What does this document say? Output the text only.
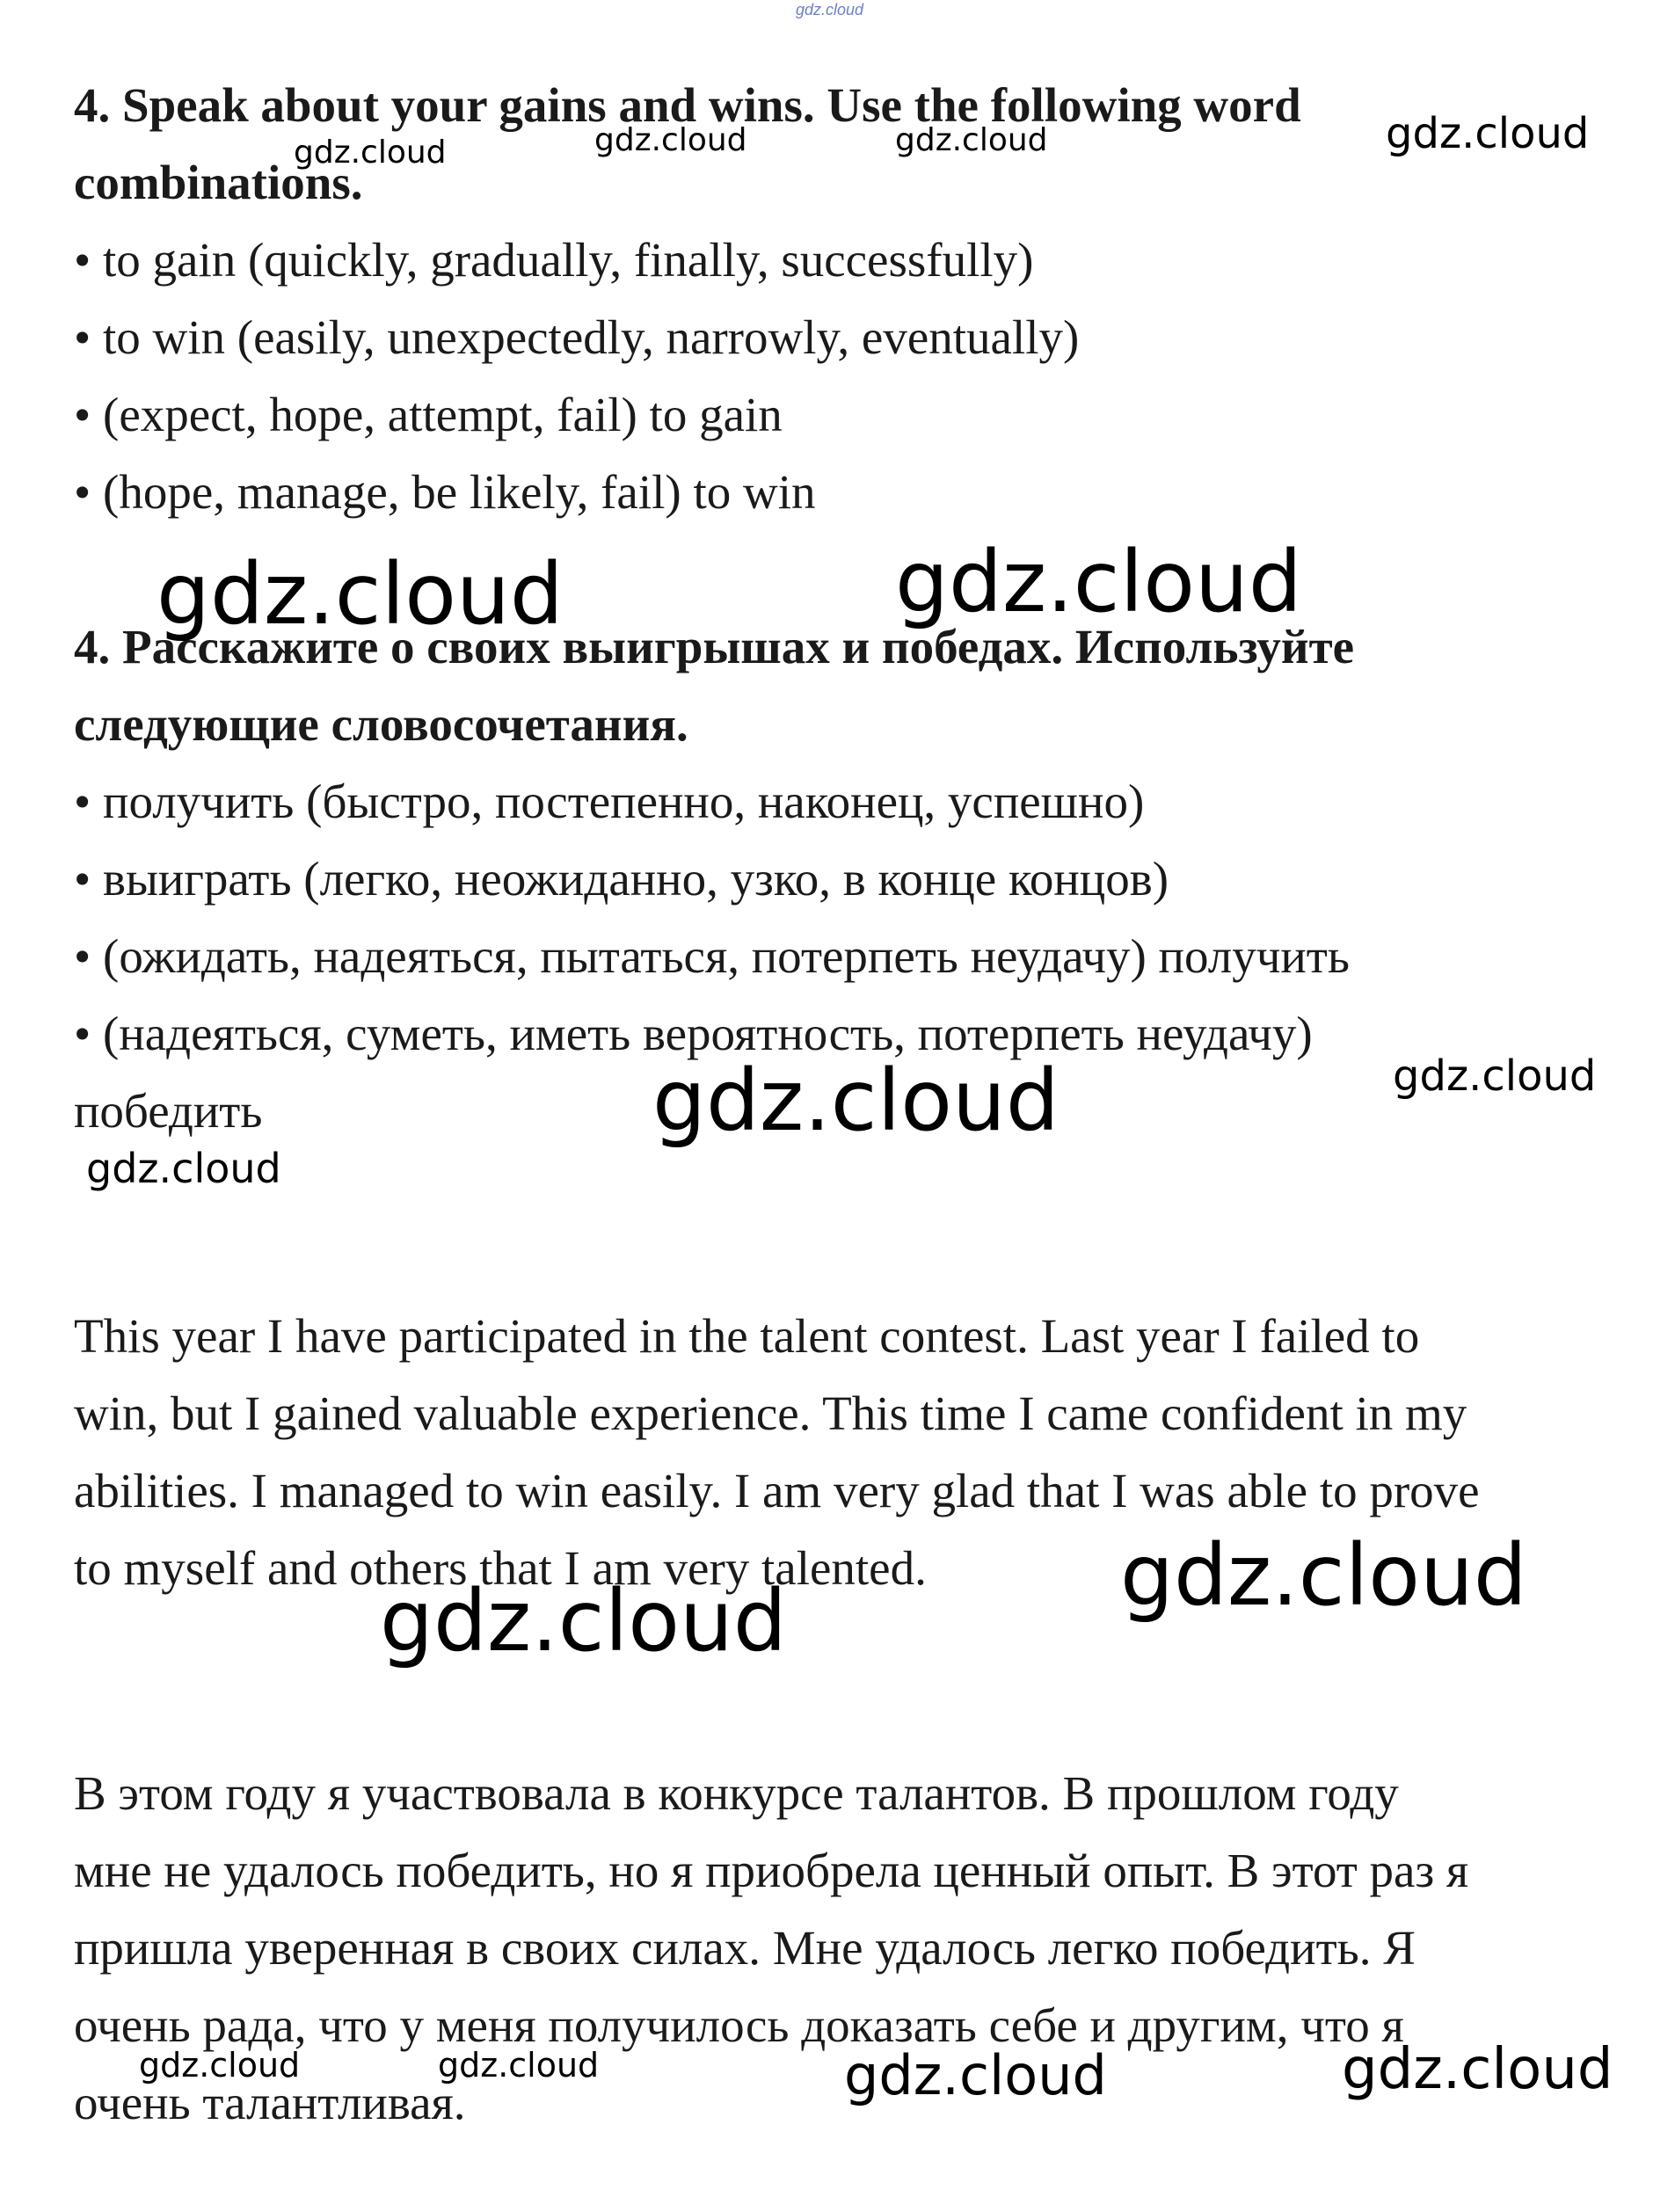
gdz.cloud
4. Speak about your gains and wins. Use the following word
combinations.
• to gain (quickly, gradually, finally, successfully)
• to win (easily, unexpectedly, narrowly, eventually)
• (expect, hope, attempt, fail) to gain
• (hope, manage, be likely, fail) to win
4. Расскажите о своих выигрышах и победах. Используйте
следующие словосочетания.
• получить (быстро, постепенно, наконец, успешно)
• выиграть (легко, неожиданно, узко, в конце концов)
• (ожидать, надеяться, пытаться, потерпеть неудачу) получить
• (надеяться, суметь, иметь вероятность, потерпеть неудачу)
победить
This year I have participated in the talent contest. Last year I failed to
win, but I gained valuable experience. This time I came confident in my
abilities. I managed to win easily. I am very glad that I was able to prove
to myself and others that I am very talented.
В этом году я участвовала в конкурсе талантов. В прошлом году
мне не удалось победить, но я приобрела ценный опыт. В этот раз я
пришла уверенная в своих силах. Мне удалось легко победить. Я
очень рада, что у меня получилось доказать себе и другим, что я
очень талантливая.
gdz.cloud	gdz.cloud	gdz.cloud	gdz.cloud
gdz.cloud	gdz.cloud
gdz.cloud	gdz.cloud
gdz.cloud
gdz.cloud
gdz.cloud
gdz.cloud	gdz.cloud	gdz.cloud	gdz.cloud
